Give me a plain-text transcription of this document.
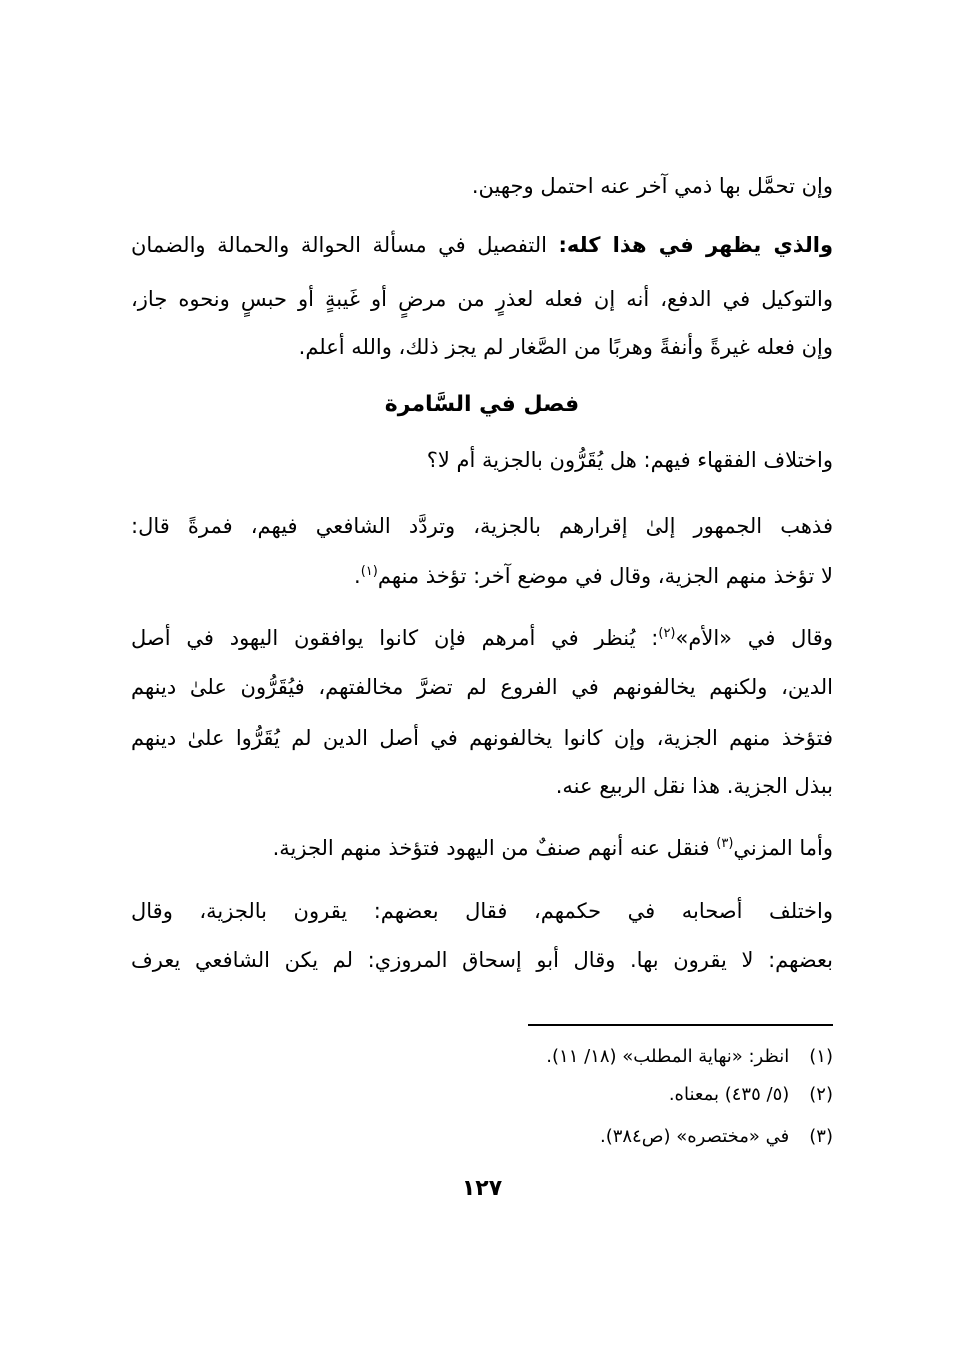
وإن تحمَّل بها ذمي آخر عنه احتمل وجهين.
والذي يظهر في هذا كله: التفصيل في مسألة الحوالة والحمالة والضمان
والتوكيل في الدفع، أنه إن فعله لعذرٍ من مرضٍ أو غَيبةٍ أو حبسٍ ونحوه جاز،
وإن فعله غيرةً وأنفةً وهربًا من الصَّغار لم يجز ذلك، والله أعلم.
فصل في السَّامرة
واختلاف الفقهاء فيهم: هل يُقَرُّون بالجزية أم لا؟
فذهب الجمهور إلىٰ إقرارهم بالجزية، وتردَّد الشافعي فيهم، فمرةً قال:
لا تؤخذ منهم الجزية، وقال في موضع آخر: تؤخذ منهم$^{(١)}$.
وقال في «الأم»$^{(٢)}$: يُنظر في أمرهم فإن كانوا يوافقون اليهود في أصل
الدين، ولكنهم يخالفونهم في الفروع لم تضرَّ مخالفتهم، فيُقَرُّون علىٰ دينهم
فتؤخذ منهم الجزية، وإن كانوا يخالفونهم في أصل الدين لم يُقَرُّوا علىٰ دينهم
ببذل الجزية. هذا نقل الربيع عنه.
وأما المزني$^{(٣)}$ فنقل عنه أنهم صنفٌ من اليهود فتؤخذ منهم الجزية.
واختلف أصحابه في حكمهم، فقال بعضهم: يقرون بالجزية، وقال
بعضهم: لا يقرون بها. وقال أبو إسحاق المروزي: لم يكن الشافعي يعرف
(١) انظر: «نهاية المطلب» (١٨/ ١١).
(٢) (٥/ ٤٣٥) بمعناه.
(٣) في «مختصره» (ص٣٨٤).
١٢٧
